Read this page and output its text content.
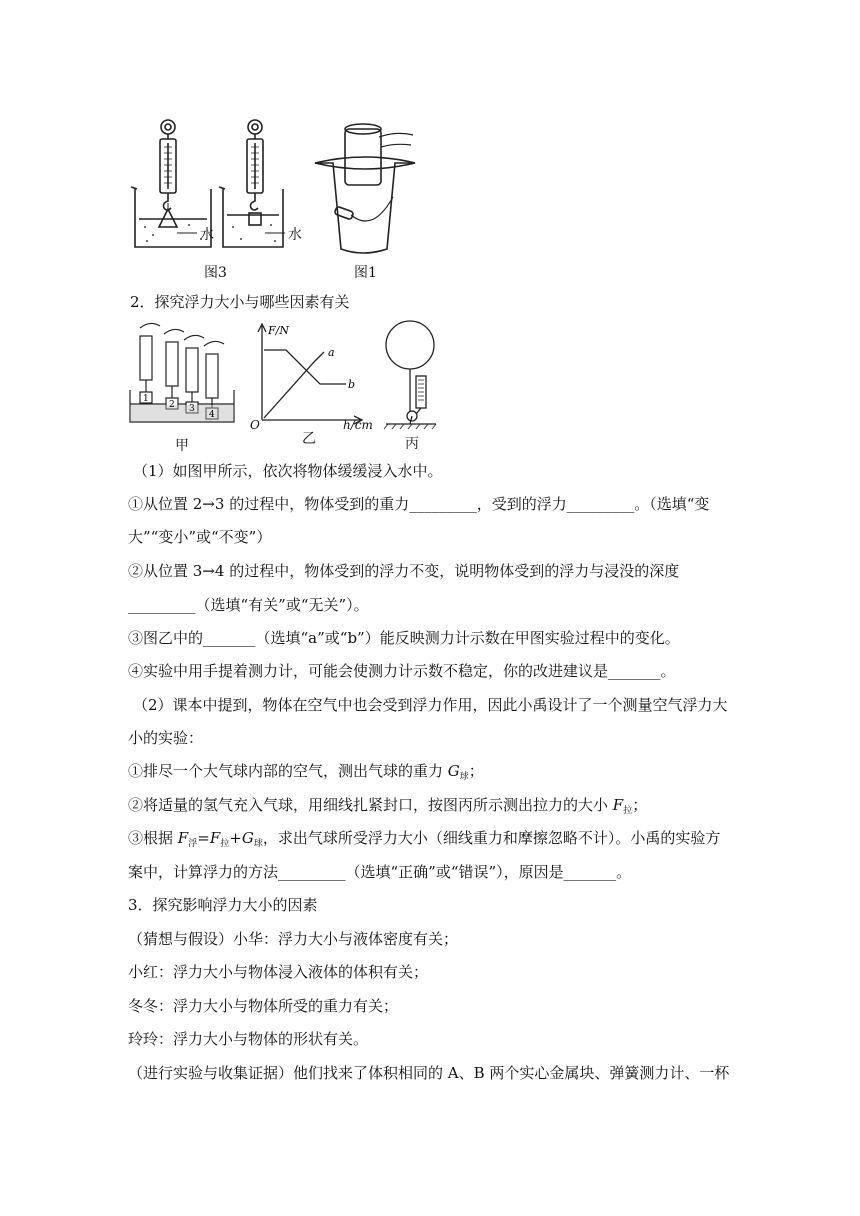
水	水
图3	图1
2．探究浮力大小与哪些因素有关
1
2 3
4
F/N
a
b
O	h/cm
甲	乙	丙
（1）如图甲所示，依次将物体缓缓浸入水中。
①从位置 2→3 的过程中，物体受到的重力_________，受到的浮力_________。（选填“变
大”“变小”或“不变”）
②从位置 3→4 的过程中，物体受到的浮力不变，说明物体受到的浮力与浸没的深度
_________（选填“有关”或“无关”）。
③图乙中的_______（选填“a”或“b”）能反映测力计示数在甲图实验过程中的变化。
④实验中用手提着测力计，可能会使测力计示数不稳定，你的改进建议是_______。
（2）课本中提到，物体在空气中也会受到浮力作用，因此小禹设计了一个测量空气浮力大
小的实验：
①排尽一个大气球内部的空气，测出气球的重力 $G_球$；
②将适量的氢气充入气球，用细线扎紧封口，按图丙所示测出拉力的大小 $F_拉$；
③根据 $F_浮=F_拉+G_球$，求出气球所受浮力大小（细线重力和摩擦忽略不计）。小禹的实验方
案中，计算浮力的方法_________（选填“正确”或“错误”），原因是_______。
3．探究影响浮力大小的因素
（猜想与假设）小华：浮力大小与液体密度有关；
小红：浮力大小与物体浸入液体的体积有关；
冬冬：浮力大小与物体所受的重力有关；
玲玲：浮力大小与物体的形状有关。
（进行实验与收集证据）他们找来了体积相同的 A、B 两个实心金属块、弹簧测力计、一杯
